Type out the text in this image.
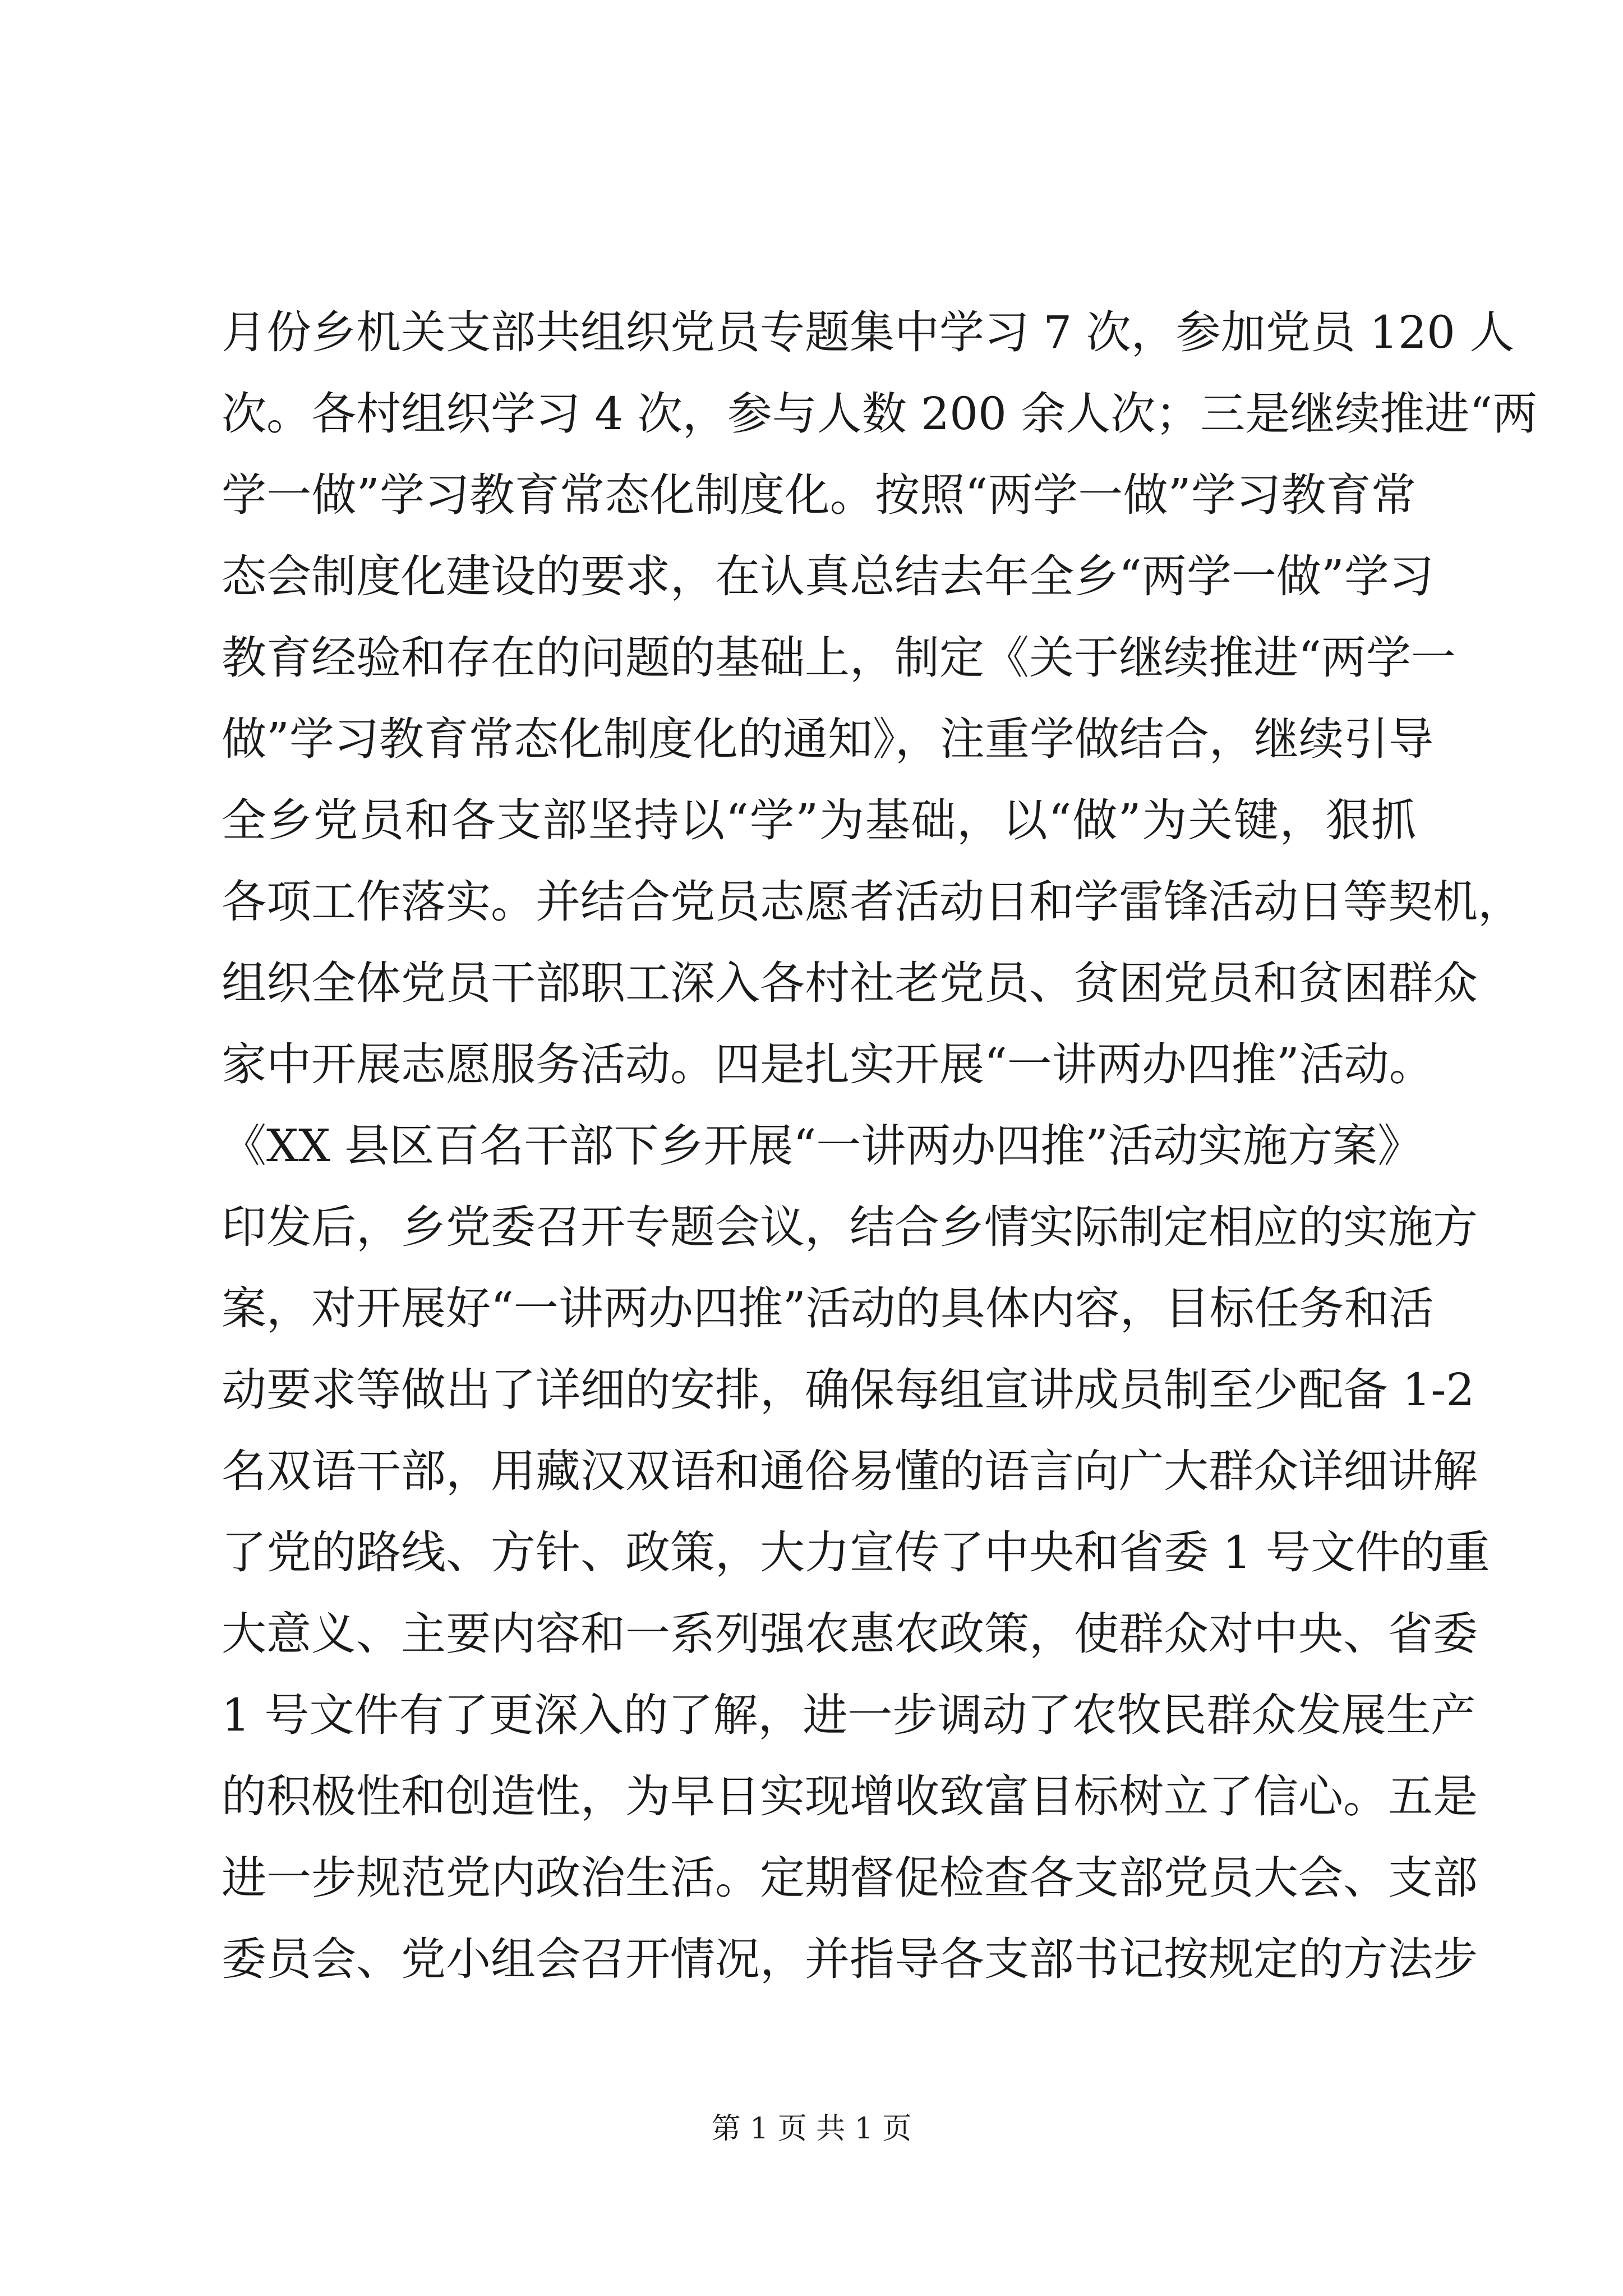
月份乡机关支部共组织党员专题集中学习 7 次，参加党员 120 人
次。各村组织学习 4 次，参与人数 200 余人次；三是继续推进“两
学一做”学习教育常态化制度化。按照“两学一做”学习教育常
态会制度化建设的要求，在认真总结去年全乡“两学一做”学习
教育经验和存在的问题的基础上，制定《关于继续推进“两学一
做”学习教育常态化制度化的通知》，注重学做结合，继续引导
全乡党员和各支部坚持以“学”为基础，以“做”为关键，狠抓
各项工作落实。并结合党员志愿者活动日和学雷锋活动日等契机，
组织全体党员干部职工深入各村社老党员、贫困党员和贫困群众
家中开展志愿服务活动。四是扎实开展“一讲两办四推”活动。
《XX 县区百名干部下乡开展“一讲两办四推”活动实施方案》
印发后，乡党委召开专题会议，结合乡情实际制定相应的实施方
案，对开展好“一讲两办四推”活动的具体内容，目标任务和活
动要求等做出了详细的安排，确保每组宣讲成员制至少配备 1-2
名双语干部，用藏汉双语和通俗易懂的语言向广大群众详细讲解
了党的路线、方针、政策，大力宣传了中央和省委 1 号文件的重
大意义、主要内容和一系列强农惠农政策，使群众对中央、省委
1 号文件有了更深入的了解，进一步调动了农牧民群众发展生产
的积极性和创造性，为早日实现增收致富目标树立了信心。五是
进一步规范党内政治生活。定期督促检查各支部党员大会、支部
委员会、党小组会召开情况，并指导各支部书记按规定的方法步
第 1 页 共 1 页
